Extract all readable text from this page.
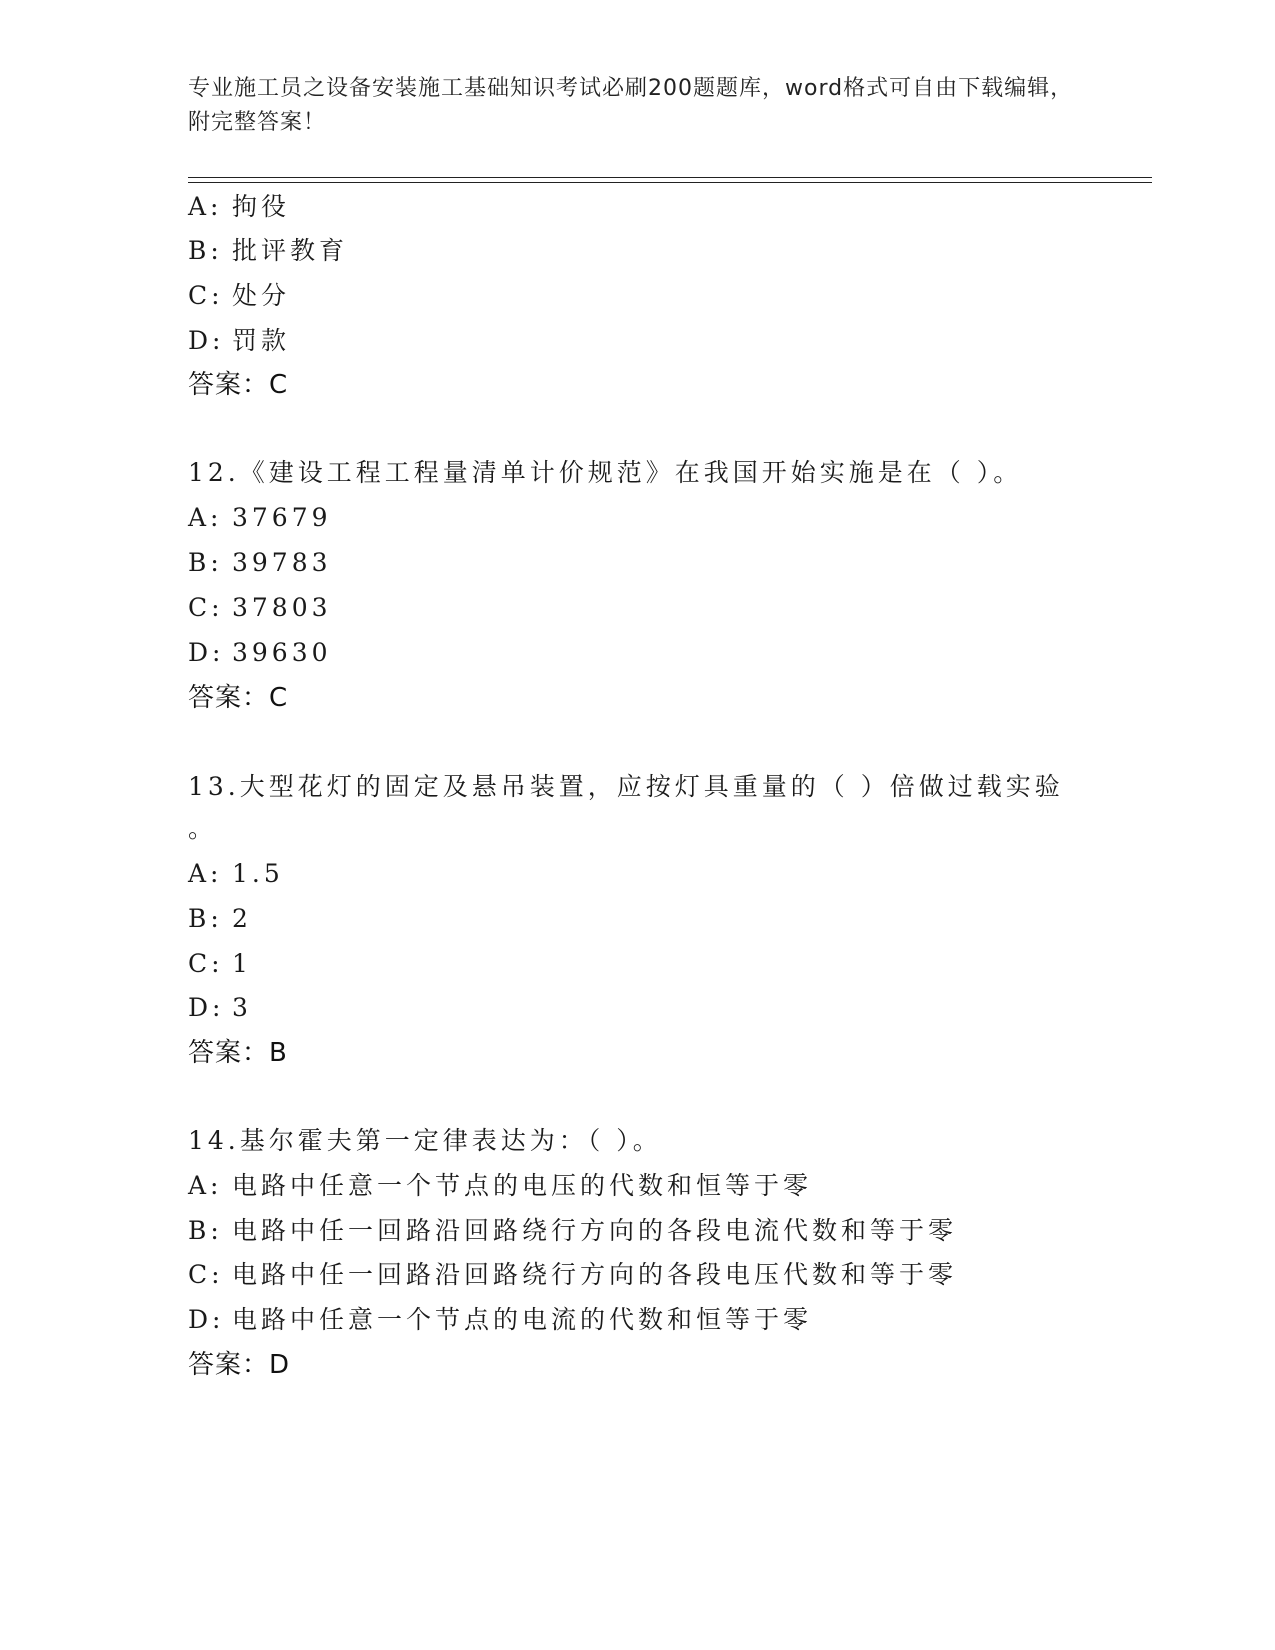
专业施工员之设备安装施工基础知识考试必刷200题题库，word格式可自由下载编辑，附完整答案！
A: 拘役
B: 批评教育
C: 处分
D: 罚款
答案：C
12.《建设工程工程量清单计价规范》在我国开始实施是在（ ）。
A: 37679
B: 39783
C: 37803
D: 39630
答案：C
13.大型花灯的固定及悬吊装置，应按灯具重量的（ ）倍做过载实验
。
A: 1.5
B: 2
C: 1
D: 3
答案：B
14.基尔霍夫第一定律表达为：（ ）。
A: 电路中任意一个节点的电压的代数和恒等于零
B: 电路中任一回路沿回路绕行方向的各段电流代数和等于零
C: 电路中任一回路沿回路绕行方向的各段电压代数和等于零
D: 电路中任意一个节点的电流的代数和恒等于零
答案：D
